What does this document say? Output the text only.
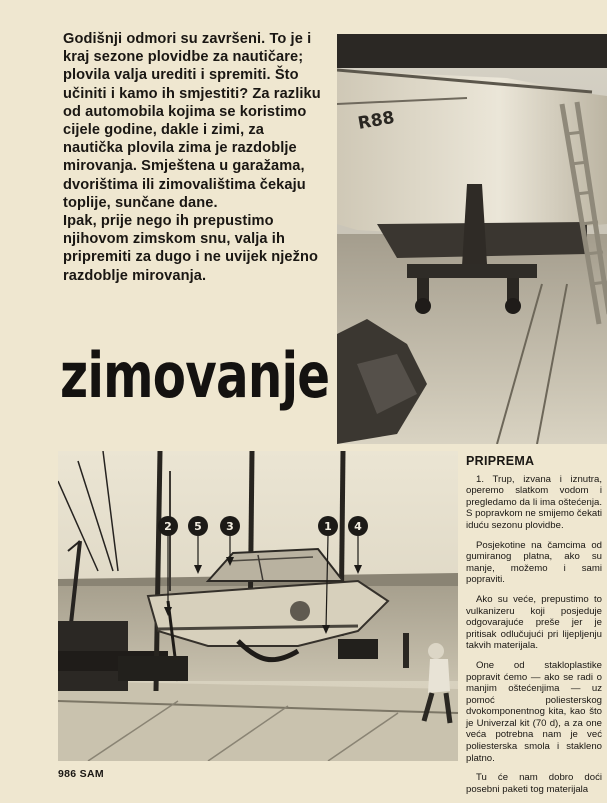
Godišnji odmori su završeni. To je i kraj sezone plovidbe za nautičare; plovila valja urediti i spremiti. Što učiniti i kamo ih smjestiti? Za razliku od automobila kojima se koristimo cijele godine, dakle i zimi, za nautička plovila zima je razdoblje mirovanja. Smještena u garažama, dvorištima ili zimovalištima čekaju toplije, sunčane dane.

Ipak, prije nego ih prepustimo njihovom zimskom snu, valja ih pripremiti za dugo i ne uvijek nježno razdoblje mirovanja.

zimovanje
R88
2 5 3	1 4
PRIPREMA

1. Trup, izvana i iznutra, operemo slatkom vodom i pregledamo da li ima oštećenja. S popravkom ne smijemo čekati iduću sezonu plovidbe.

Posjekotine na čamcima od gumiranog platna, ako su manje, možemo i sami popraviti.

Ako su veće, prepustimo to vulkanizeru koji posjeduje odgovarajuće preše jer je pritisak odlučujući pri lijepljenju takvih materijala.

One od stakloplastike popravit ćemo — ako se radi o manjim oštećenjima — uz pomoć poliesterskog dvokomponentnog kita, kao što je Univerzal kit (70 d), a za one veća potrebna nam je već poliesterska smola i stakleno platno.

Tu će nam dobro doći posebni paketi tog materijala

986 SAM
